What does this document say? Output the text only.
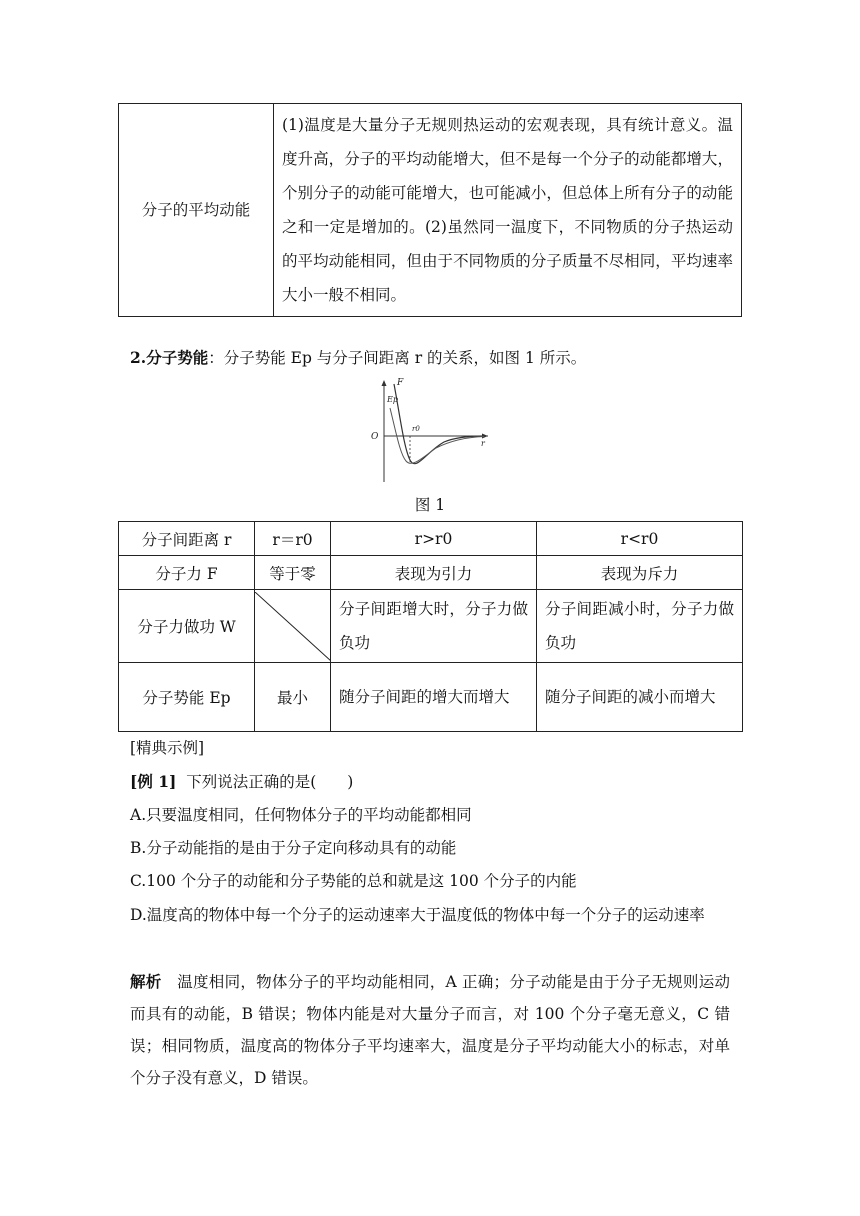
分子的平均动能	(1)温度是大量分子无规则热运动的宏观表现，具有统计意义。温度升高，分子的平均动能增大，但不是每一个分子的动能都增大，个别分子的动能可能增大，也可能减小，但总体上所有分子的动能之和一定是增加的。(2)虽然同一温度下，不同物质的分子热运动的平均动能相同，但由于不同物质的分子质量不尽相同，平均速率大小一般不相同。
2.分子势能：分子势能 Ep 与分子间距离 r 的关系，如图 1 所示。
F
Ep
O
r0
r
图 1
分子间距离 r	r＝r0	r>r0	r<r0
分子力 F	等于零	表现为引力	表现为斥力
分子力做功 W		分子间距增大时，分子力做负功	分子间距减小时，分子力做负功
分子势能 Ep	最小	随分子间距的增大而增大	随分子间距的减小而增大
[精典示例]
[例 1] 下列说法正确的是(　　)
A.只要温度相同，任何物体分子的平均动能都相同
B.分子动能指的是由于分子定向移动具有的动能
C.100 个分子的动能和分子势能的总和就是这 100 个分子的内能
D.温度高的物体中每一个分子的运动速率大于温度低的物体中每一个分子的运动速率
解析 温度相同，物体分子的平均动能相同，A 正确；分子动能是由于分子无规则运动而具有的动能，B 错误；物体内能是对大量分子而言，对 100 个分子毫无意义，C 错误；相同物质，温度高的物体分子平均速率大，温度是分子平均动能大小的标志，对单个分子没有意义，D 错误。
